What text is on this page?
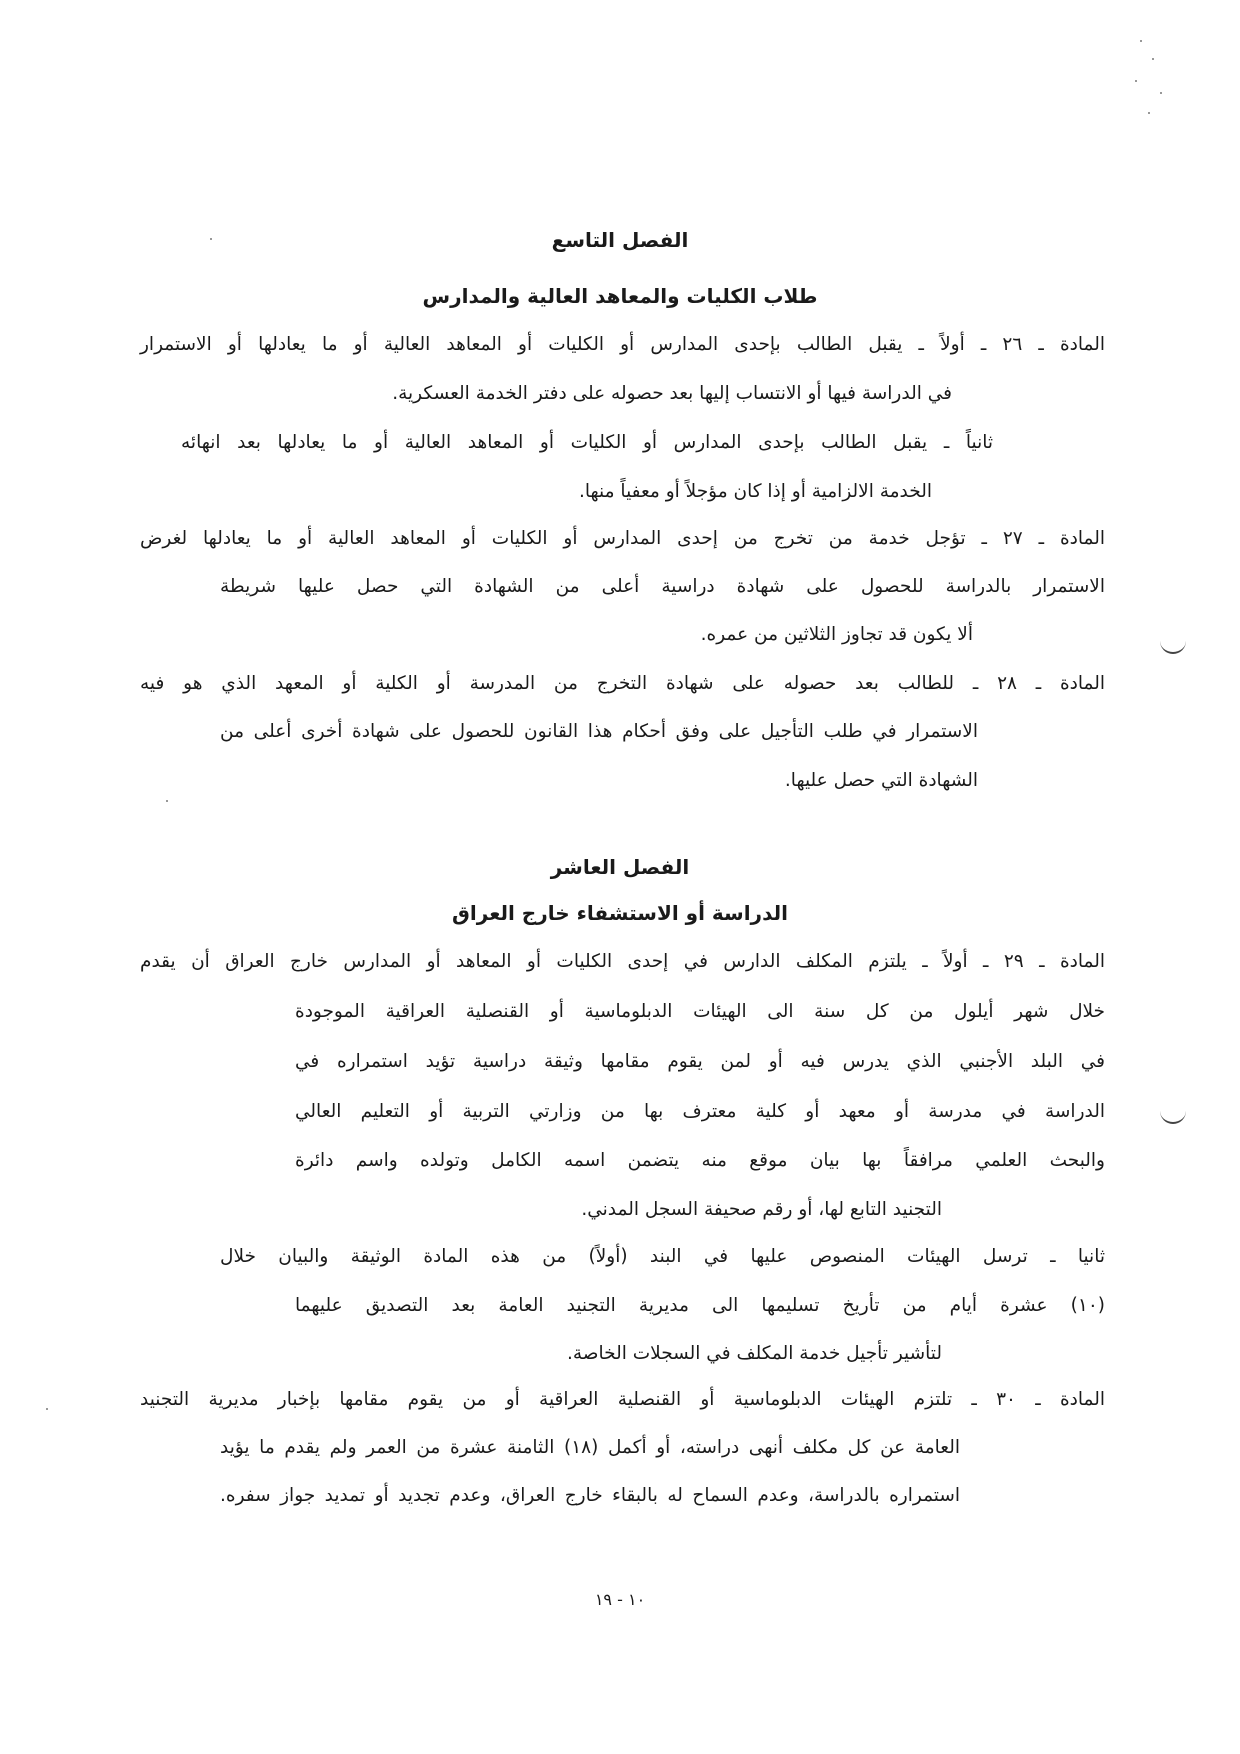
الفصل التاسع
طلاب الكليات والمعاهد العالية والمدارس
المادة ـ ٢٦ ـ أولاً ـ يقبل الطالب بإحدى المدارس أو الكليات أو المعاهد العالية أو ما يعادلها أو الاستمرار
في الدراسة فيها أو الانتساب إليها بعد حصوله على دفتر الخدمة العسكرية.
ثانياً ـ يقبل الطالب بإحدى المدارس أو الكليات أو المعاهد العالية أو ما يعادلها بعد انهائه
الخدمة الالزامية أو إذا كان مؤجلاً أو معفياً منها.
المادة ـ ٢٧ ـ تؤجل خدمة من تخرج من إحدى المدارس أو الكليات أو المعاهد العالية أو ما يعادلها لغرض
الاستمرار بالدراسة للحصول على شهادة دراسية أعلى من الشهادة التي حصل عليها شريطة
ألا يكون قد تجاوز الثلاثين من عمره.
المادة ـ ٢٨ ـ للطالب بعد حصوله على شهادة التخرج من المدرسة أو الكلية أو المعهد الذي هو فيه
الاستمرار في طلب التأجيل على وفق أحكام هذا القانون للحصول على شهادة أخرى أعلى من
الشهادة التي حصل عليها.
الفصل العاشر
الدراسة أو الاستشفاء خارج العراق
المادة ـ ٢٩ ـ أولاً ـ يلتزم المكلف الدارس في إحدى الكليات أو المعاهد أو المدارس خارج العراق أن يقدم
خلال شهر أيلول من كل سنة الى الهيئات الدبلوماسية أو القنصلية العراقية الموجودة
في البلد الأجنبي الذي يدرس فيه أو لمن يقوم مقامها وثيقة دراسية تؤيد استمراره في
الدراسة في مدرسة أو معهد أو كلية معترف بها من وزارتي التربية أو التعليم العالي
والبحث العلمي مرافقاً بها بيان موقع منه يتضمن اسمه الكامل وتولده واسم دائرة
التجنيد التابع لها، أو رقم صحيفة السجل المدني.
ثانيا ـ ترسل الهيئات المنصوص عليها في البند (أولاً) من هذه المادة الوثيقة والبيان خلال
(١٠) عشرة أيام من تأريخ تسليمها الى مديرية التجنيد العامة بعد التصديق عليهما
لتأشير تأجيل خدمة المكلف في السجلات الخاصة.
المادة ـ ٣٠ ـ تلتزم الهيئات الدبلوماسية أو القنصلية العراقية أو من يقوم مقامها بإخبار مديرية التجنيد
العامة عن كل مكلف أنهى دراسته، أو أكمل (١٨) الثامنة عشرة من العمر ولم يقدم ما يؤيد
استمراره بالدراسة، وعدم السماح له بالبقاء خارج العراق، وعدم تجديد أو تمديد جواز سفره.
١٠ - ١٩
